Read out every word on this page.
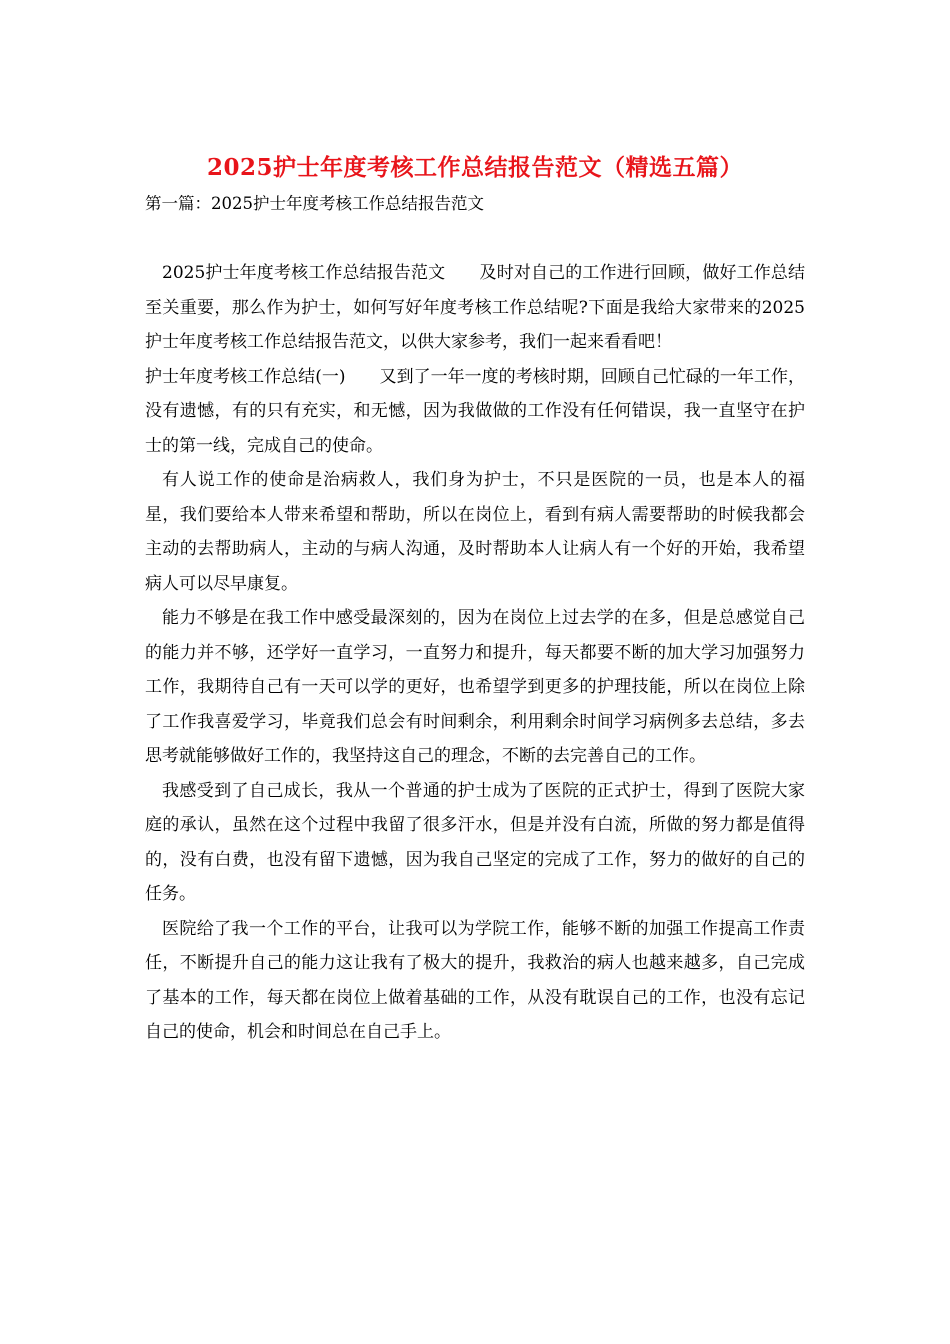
2025护士年度考核工作总结报告范文（精选五篇）

第一篇：2025护士年度考核工作总结报告范文

2025护士年度考核工作总结报告范文　　及时对自己的工作进行回顾，做好工作总结至关重要，那么作为护士，如何写好年度考核工作总结呢?下面是我给大家带来的2025护士年度考核工作总结报告范文，以供大家参考，我们一起来看看吧！

护士年度考核工作总结(一)　　又到了一年一度的考核时期，回顾自己忙碌的一年工作，没有遗憾，有的只有充实，和无憾，因为我做做的工作没有任何错误，我一直坚守在护士的第一线，完成自己的使命。

有人说工作的使命是治病救人，我们身为护士，不只是医院的一员，也是本人的福星，我们要给本人带来希望和帮助，所以在岗位上，看到有病人需要帮助的时候我都会主动的去帮助病人，主动的与病人沟通，及时帮助本人让病人有一个好的开始，我希望病人可以尽早康复。

能力不够是在我工作中感受最深刻的，因为在岗位上过去学的在多，但是总感觉自己的能力并不够，还学好一直学习，一直努力和提升，每天都要不断的加大学习加强努力工作，我期待自己有一天可以学的更好，也希望学到更多的护理技能，所以在岗位上除了工作我喜爱学习，毕竟我们总会有时间剩余，利用剩余时间学习病例多去总结，多去思考就能够做好工作的，我坚持这自己的理念，不断的去完善自己的工作。

我感受到了自己成长，我从一个普通的护士成为了医院的正式护士，得到了医院大家庭的承认，虽然在这个过程中我留了很多汗水，但是并没有白流，所做的努力都是值得的，没有白费，也没有留下遗憾，因为我自己坚定的完成了工作，努力的做好的自己的任务。

医院给了我一个工作的平台，让我可以为学院工作，能够不断的加强工作提高工作责任，不断提升自己的能力这让我有了极大的提升，我救治的病人也越来越多，自己完成了基本的工作，每天都在岗位上做着基础的工作，从没有耽误自己的工作，也没有忘记自己的使命，机会和时间总在自己手上。
